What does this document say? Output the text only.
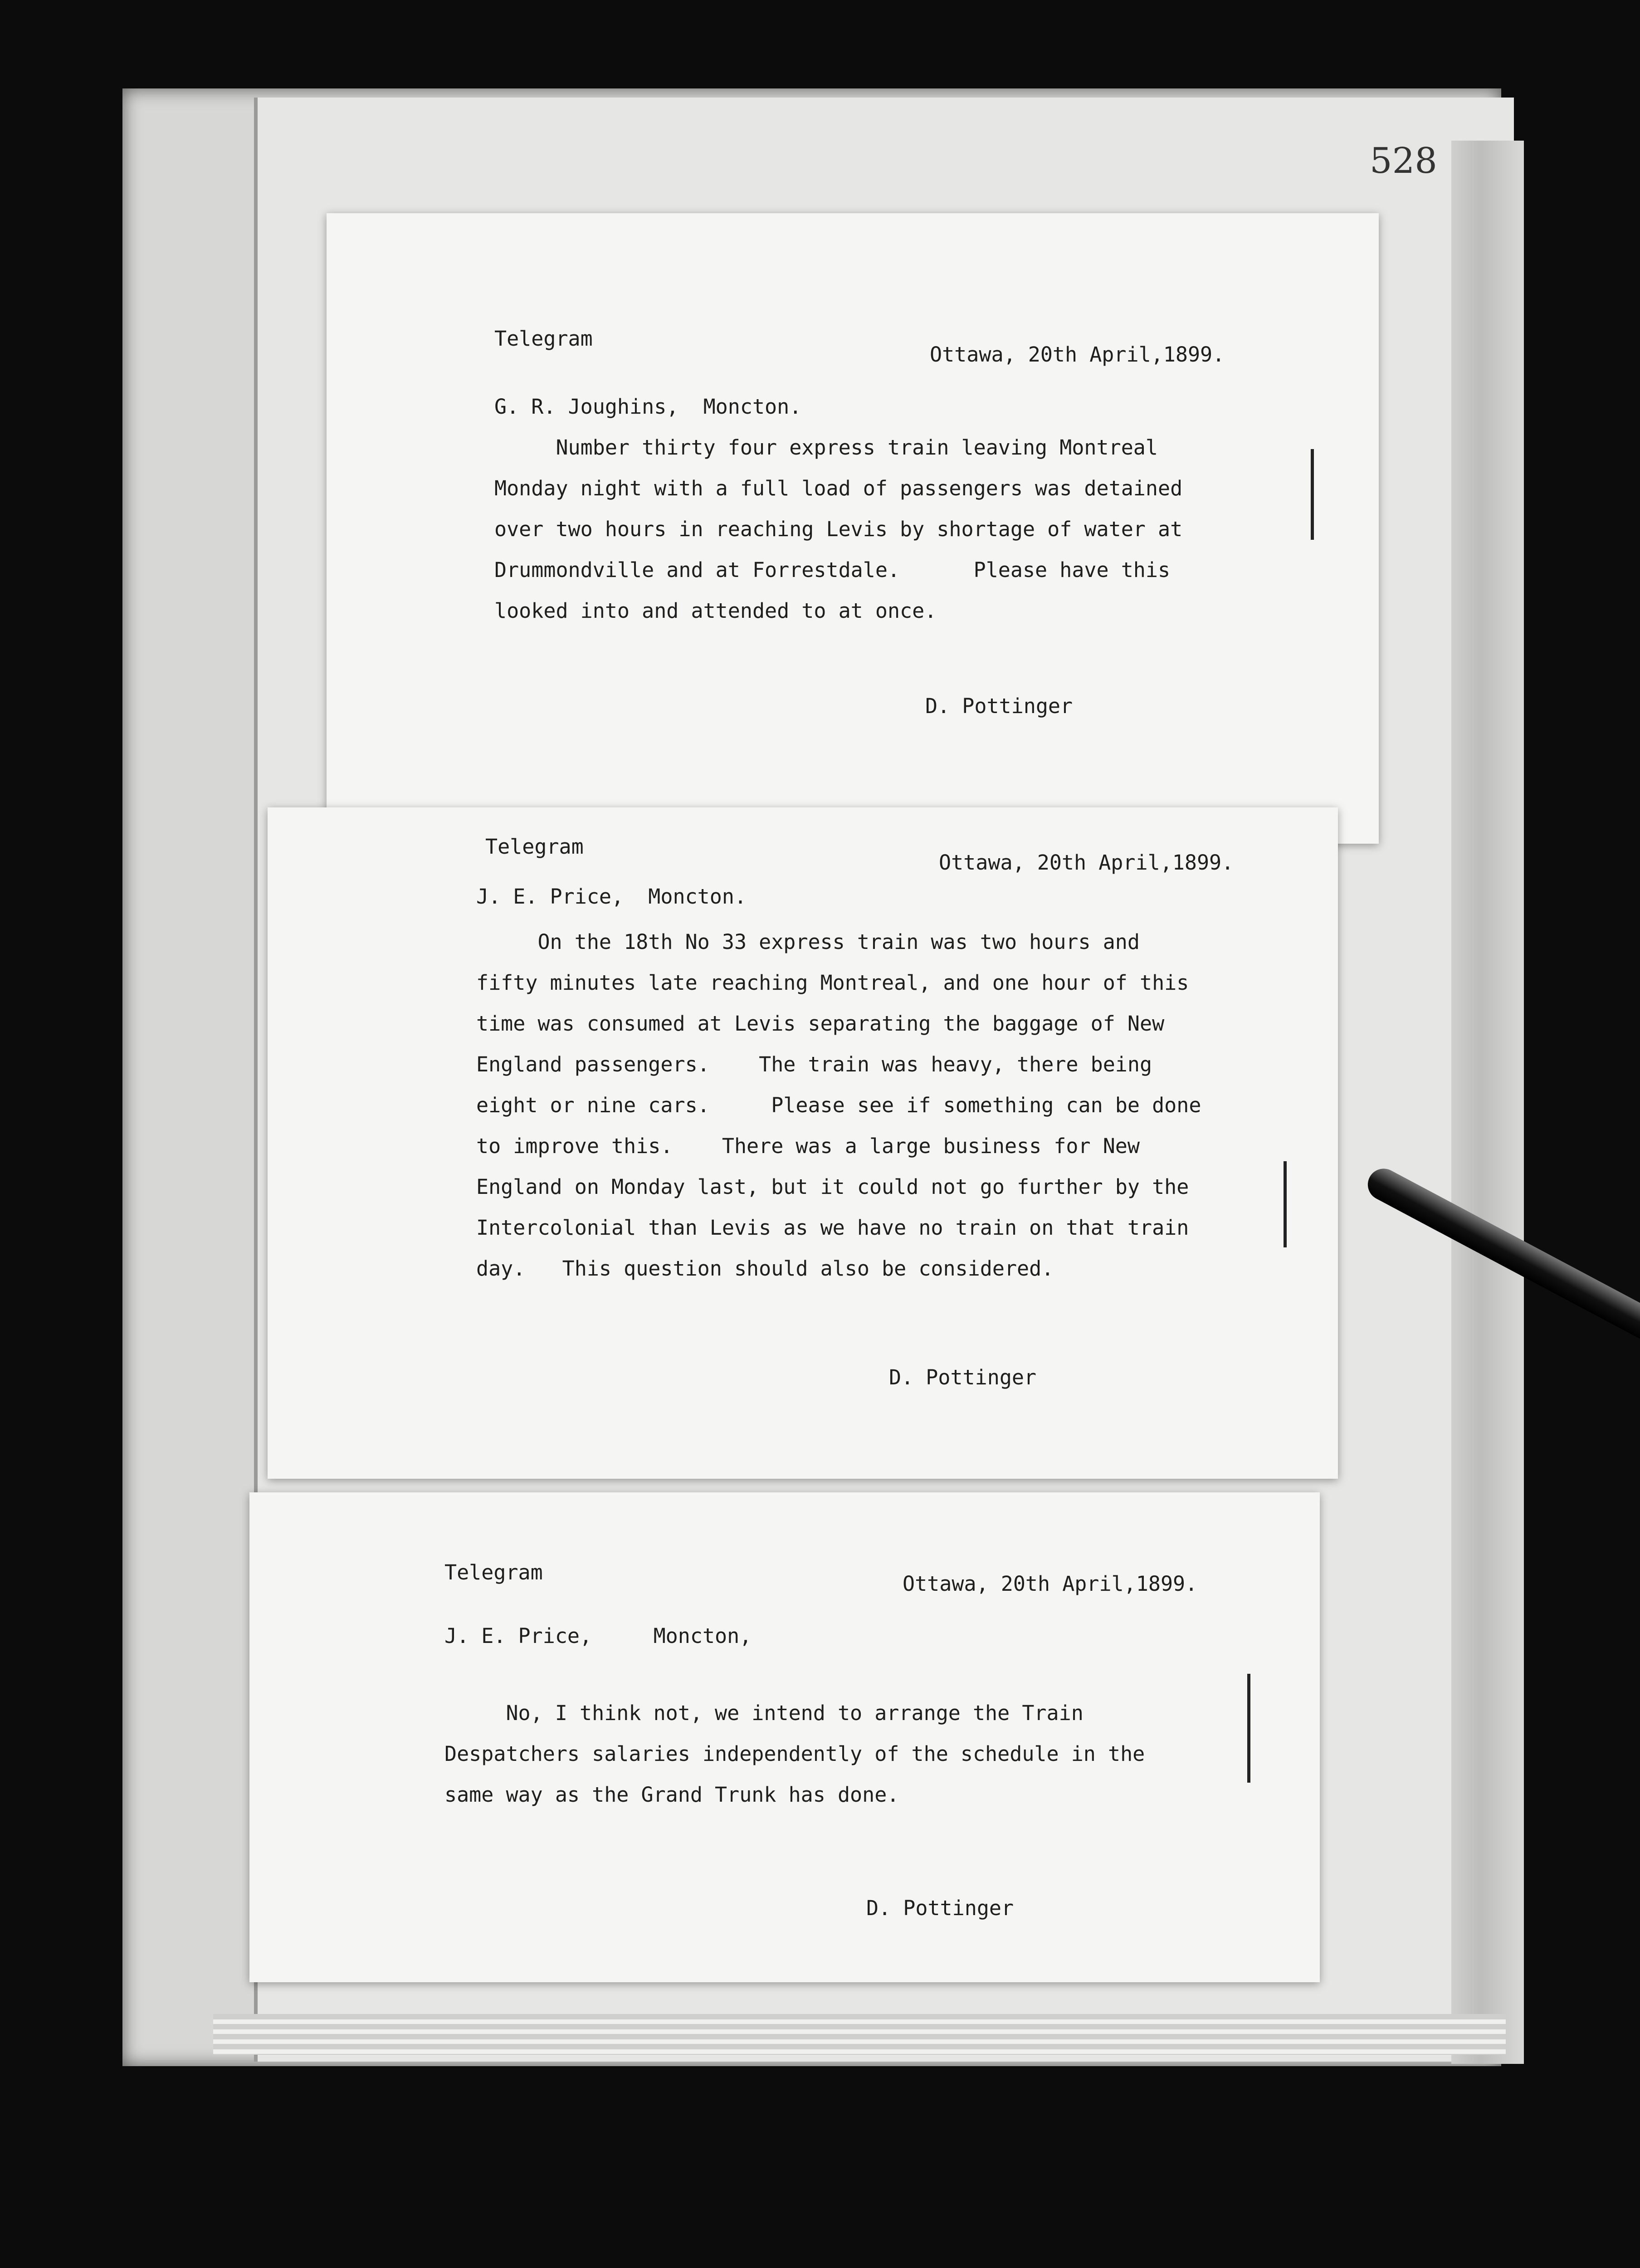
528
Telegram
Ottawa, 20th April,1899.
G. R. Joughins,  Moncton.
Number thirty four express train leaving Montreal
Monday night with a full load of passengers was detained
over two hours in reaching Levis by shortage of water at
Drummondville and at Forrestdale.      Please have this
looked into and attended to at once.
D. Pottinger
Telegram
Ottawa, 20th April,1899.
J. E. Price,  Moncton.
On the 18th No 33 express train was two hours and
fifty minutes late reaching Montreal, and one hour of this
time was consumed at Levis separating the baggage of New
England passengers.    The train was heavy, there being
eight or nine cars.     Please see if something can be done
to improve this.    There was a large business for New
England on Monday last, but it could not go further by the
Intercolonial than Levis as we have no train on that train
day.   This question should also be considered.
D. Pottinger
Telegram	Ottawa, 20th April,1899.
J. E. Price,     Moncton,
No, I think not, we intend to arrange the Train
Despatchers salaries independently of the schedule in the
same way as the Grand Trunk has done.
D. Pottinger
